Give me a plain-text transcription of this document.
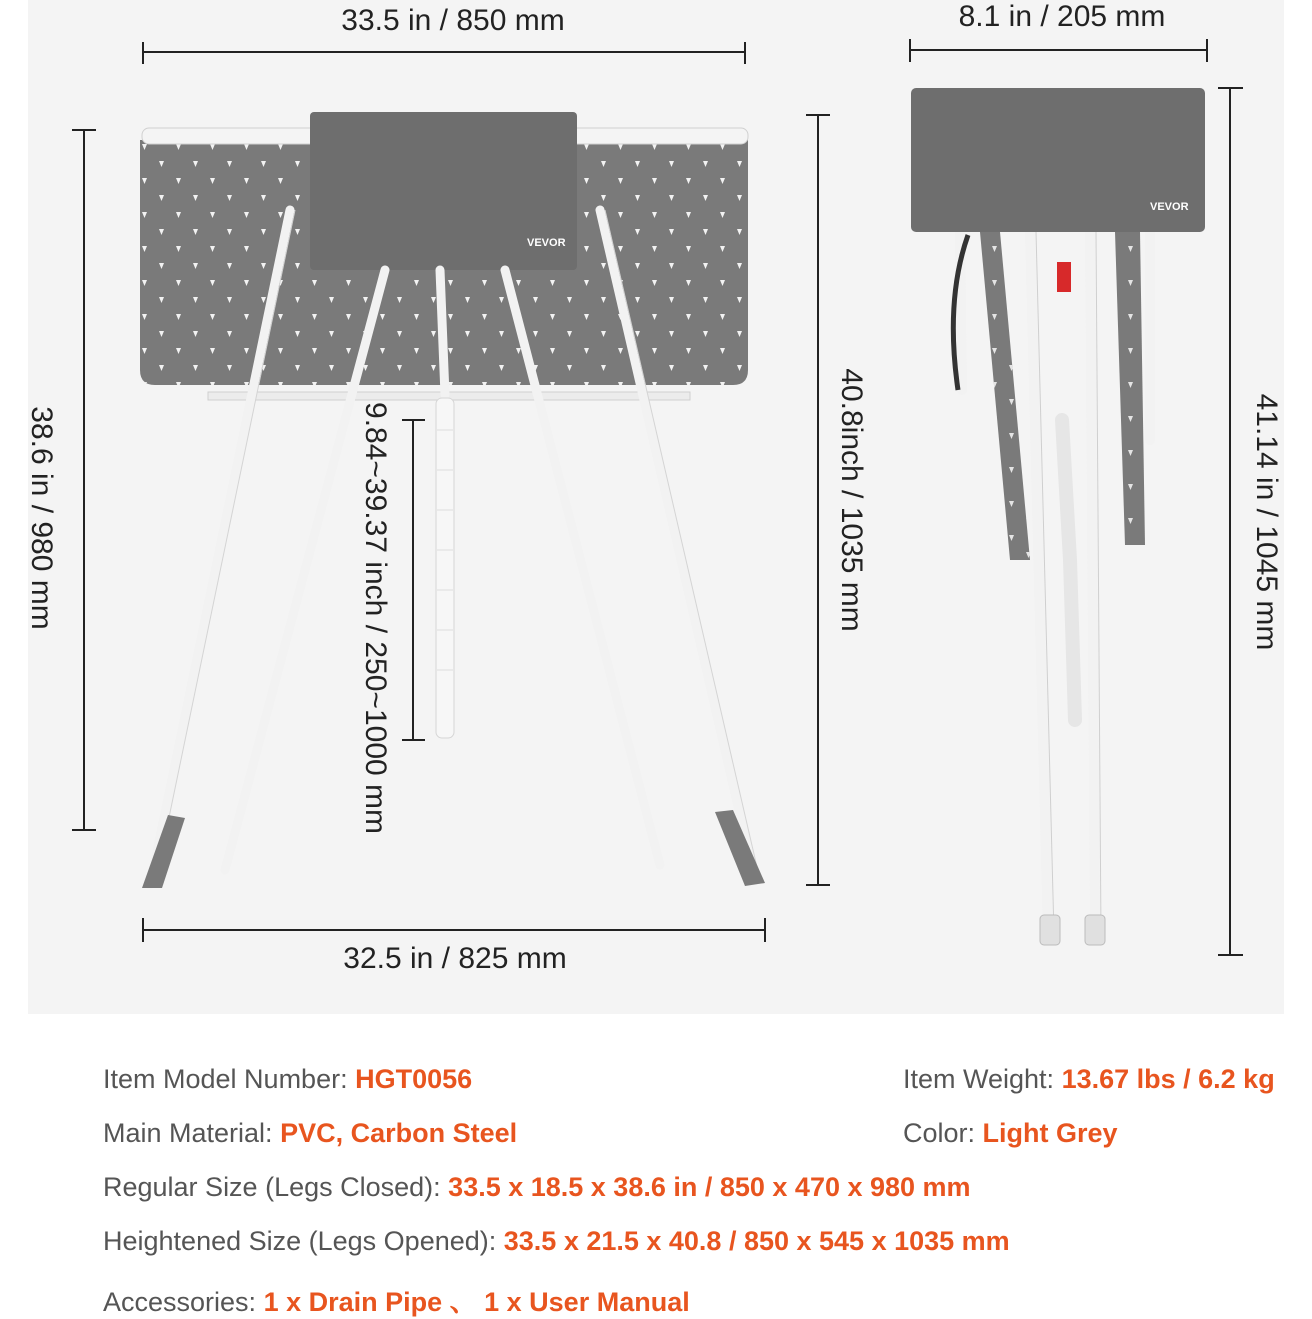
VEVOR
VEVOR
33.5 in / 850 mm
32.5 in / 825 mm
8.1 in / 205 mm
38.6 in / 980 mm	9.84~39.37 inch / 250~1000 mm	40.8inch / 1035 mm	41.14 in / 1045 mm
Item Model Number: HGT0056	Item Weight: 13.67 lbs / 6.2 kg
Main Material: PVC, Carbon Steel	Color: Light Grey
Regular Size (Legs Closed): 33.5 x 18.5 x 38.6 in / 850 x 470 x 980 mm
Heightened Size (Legs Opened): 33.5 x 21.5 x 40.8 / 850 x 545 x 1035 mm
Accessories: 1 x Drain Pipe 、 1 x User Manual
